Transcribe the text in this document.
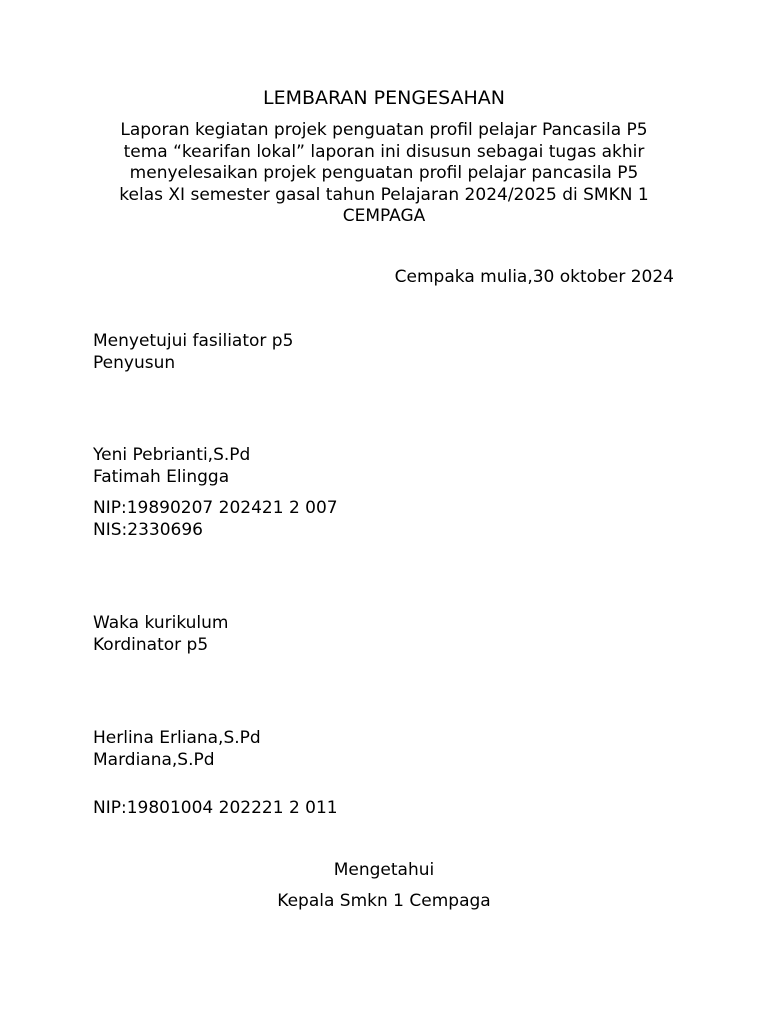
LEMBARAN PENGESAHAN

Laporan kegiatan projek penguatan profil pelajar Pancasila P5
tema “kearifan lokal” laporan ini disusun sebagai tugas akhir
menyelesaikan projek penguatan profil pelajar pancasila P5
kelas XI semester gasal tahun Pelajaran 2024/2025 di SMKN 1
CEMPAGA

Cempaka mulia,30 oktober 2024

Menyetujui fasiliator p5
Penyusun
Yeni Pebrianti,S.Pd
Fatimah Elingga
NIP:19890207 202421 2 007
NIS:2330696
Waka kurikulum
Kordinator p5
Herlina Erliana,S.Pd
Mardiana,S.Pd

NIP:19801004 202221 2 011

Mengetahui

Kepala Smkn 1 Cempaga
